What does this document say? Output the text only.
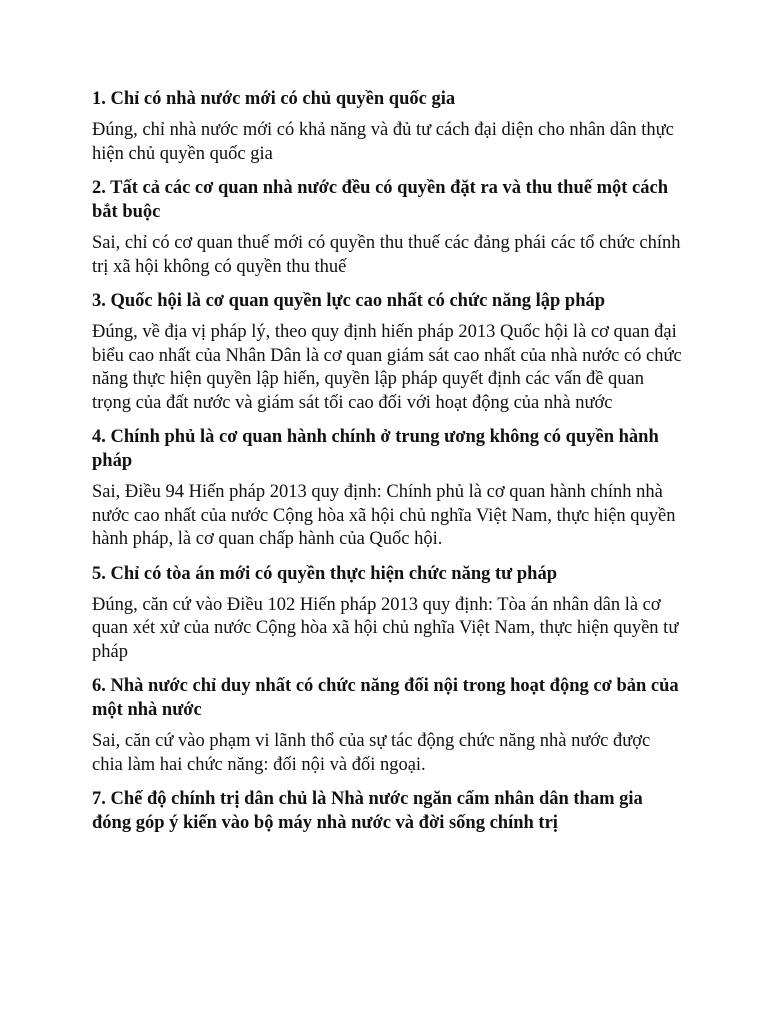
1. Chỉ có nhà nước mới có chủ quyền quốc gia

Đúng, chỉ nhà nước mới có khả năng và đủ tư cách đại diện cho nhân dân thực hiện chủ quyền quốc gia

2. Tất cả các cơ quan nhà nước đều có quyền đặt ra và thu thuế một cách bắt buộc

Sai, chỉ có cơ quan thuế mới có quyền thu thuế các đảng phái các tổ chức chính trị xã hội không có quyền thu thuế

3. Quốc hội là cơ quan quyền lực cao nhất có chức năng lập pháp

Đúng, về địa vị pháp lý, theo quy định hiến pháp 2013 Quốc hội là cơ quan đại biểu cao nhất của Nhân Dân là cơ quan giám sát cao nhất của nhà nước có chức năng thực hiện quyền lập hiến, quyền lập pháp quyết định các vấn đề quan trọng của đất nước và giám sát tối cao đối với hoạt động của nhà nước

4. Chính phủ là cơ quan hành chính ở trung ương không có quyền hành pháp

Sai, Điều 94 Hiến pháp 2013 quy định: Chính phủ là cơ quan hành chính nhà nước cao nhất của nước Cộng hòa xã hội chủ nghĩa Việt Nam, thực hiện quyền hành pháp, là cơ quan chấp hành của Quốc hội.

5. Chỉ có tòa án mới có quyền thực hiện chức năng tư pháp

Đúng, căn cứ vào Điều 102 Hiến pháp 2013 quy định: Tòa án nhân dân là cơ quan xét xử của nước Cộng hòa xã hội chủ nghĩa Việt Nam, thực hiện quyền tư pháp

6. Nhà nước chỉ duy nhất có chức năng đối nội trong hoạt động cơ bản của một nhà nước

Sai, căn cứ vào phạm vi lãnh thổ của sự tác động chức năng nhà nước được chia làm hai chức năng: đối nội và đối ngoại.

7. Chế độ chính trị dân chủ là Nhà nước ngăn cấm nhân dân tham gia đóng góp ý kiến vào bộ máy nhà nước và đời sống chính trị
